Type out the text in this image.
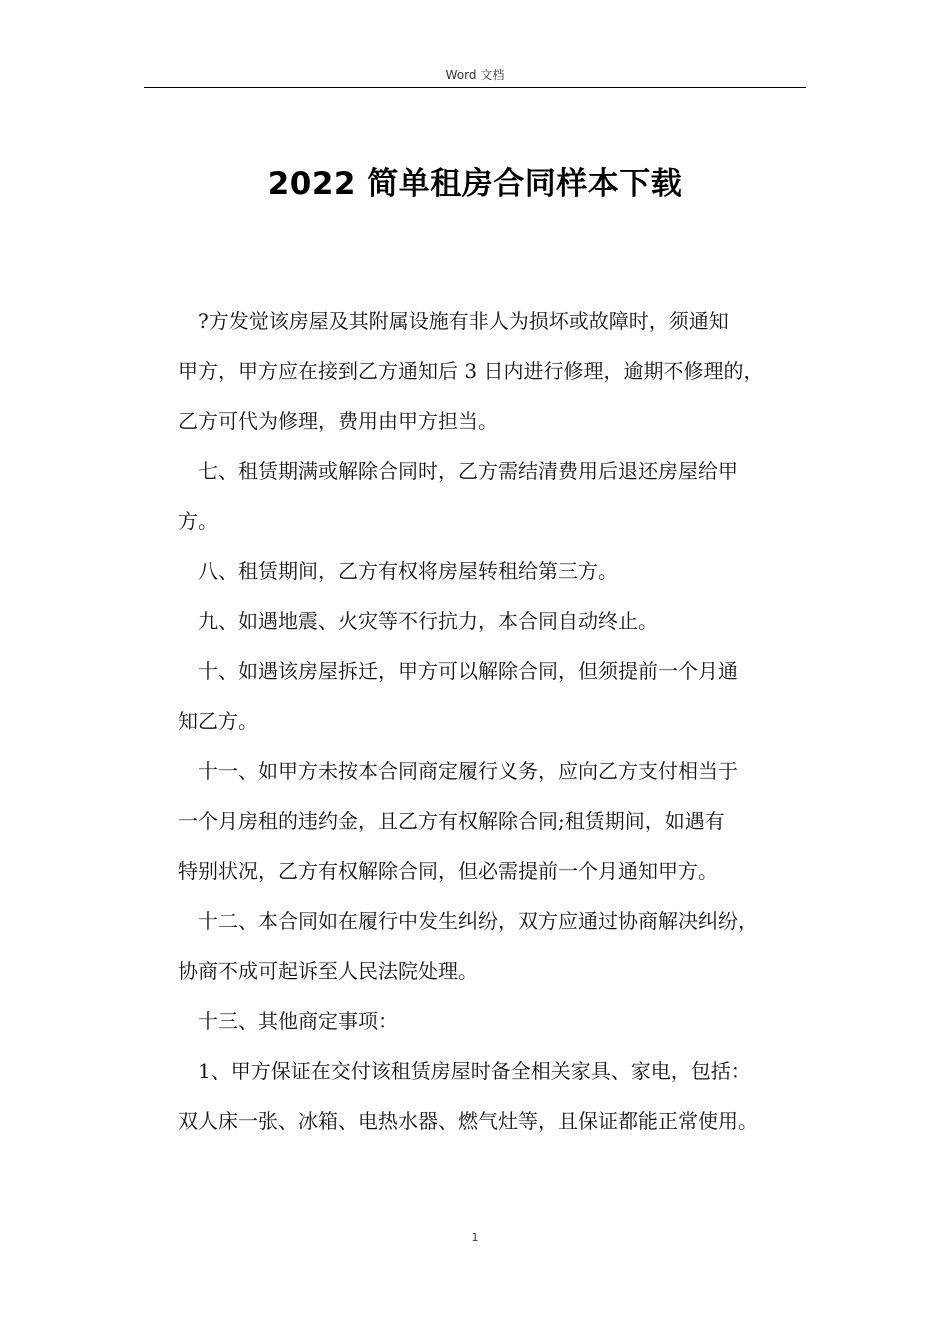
Word 文档
2022 简单租房合同样本下载
?方发觉该房屋及其附属设施有非人为损坏或故障时，须通知
甲方，甲方应在接到乙方通知后 3 日内进行修理，逾期不修理的，
乙方可代为修理，费用由甲方担当。
七、租赁期满或解除合同时，乙方需结清费用后退还房屋给甲
方。
八、租赁期间，乙方有权将房屋转租给第三方。
九、如遇地震、火灾等不行抗力，本合同自动终止。
十、如遇该房屋拆迁，甲方可以解除合同，但须提前一个月通
知乙方。
十一、如甲方未按本合同商定履行义务，应向乙方支付相当于
一个月房租的违约金，且乙方有权解除合同;租赁期间，如遇有
特别状况，乙方有权解除合同，但必需提前一个月通知甲方。
十二、本合同如在履行中发生纠纷，双方应通过协商解决纠纷，
协商不成可起诉至人民法院处理。
十三、其他商定事项：
1、甲方保证在交付该租赁房屋时备全相关家具、家电，包括：
双人床一张、冰箱、电热水器、燃气灶等，且保证都能正常使用。
1
